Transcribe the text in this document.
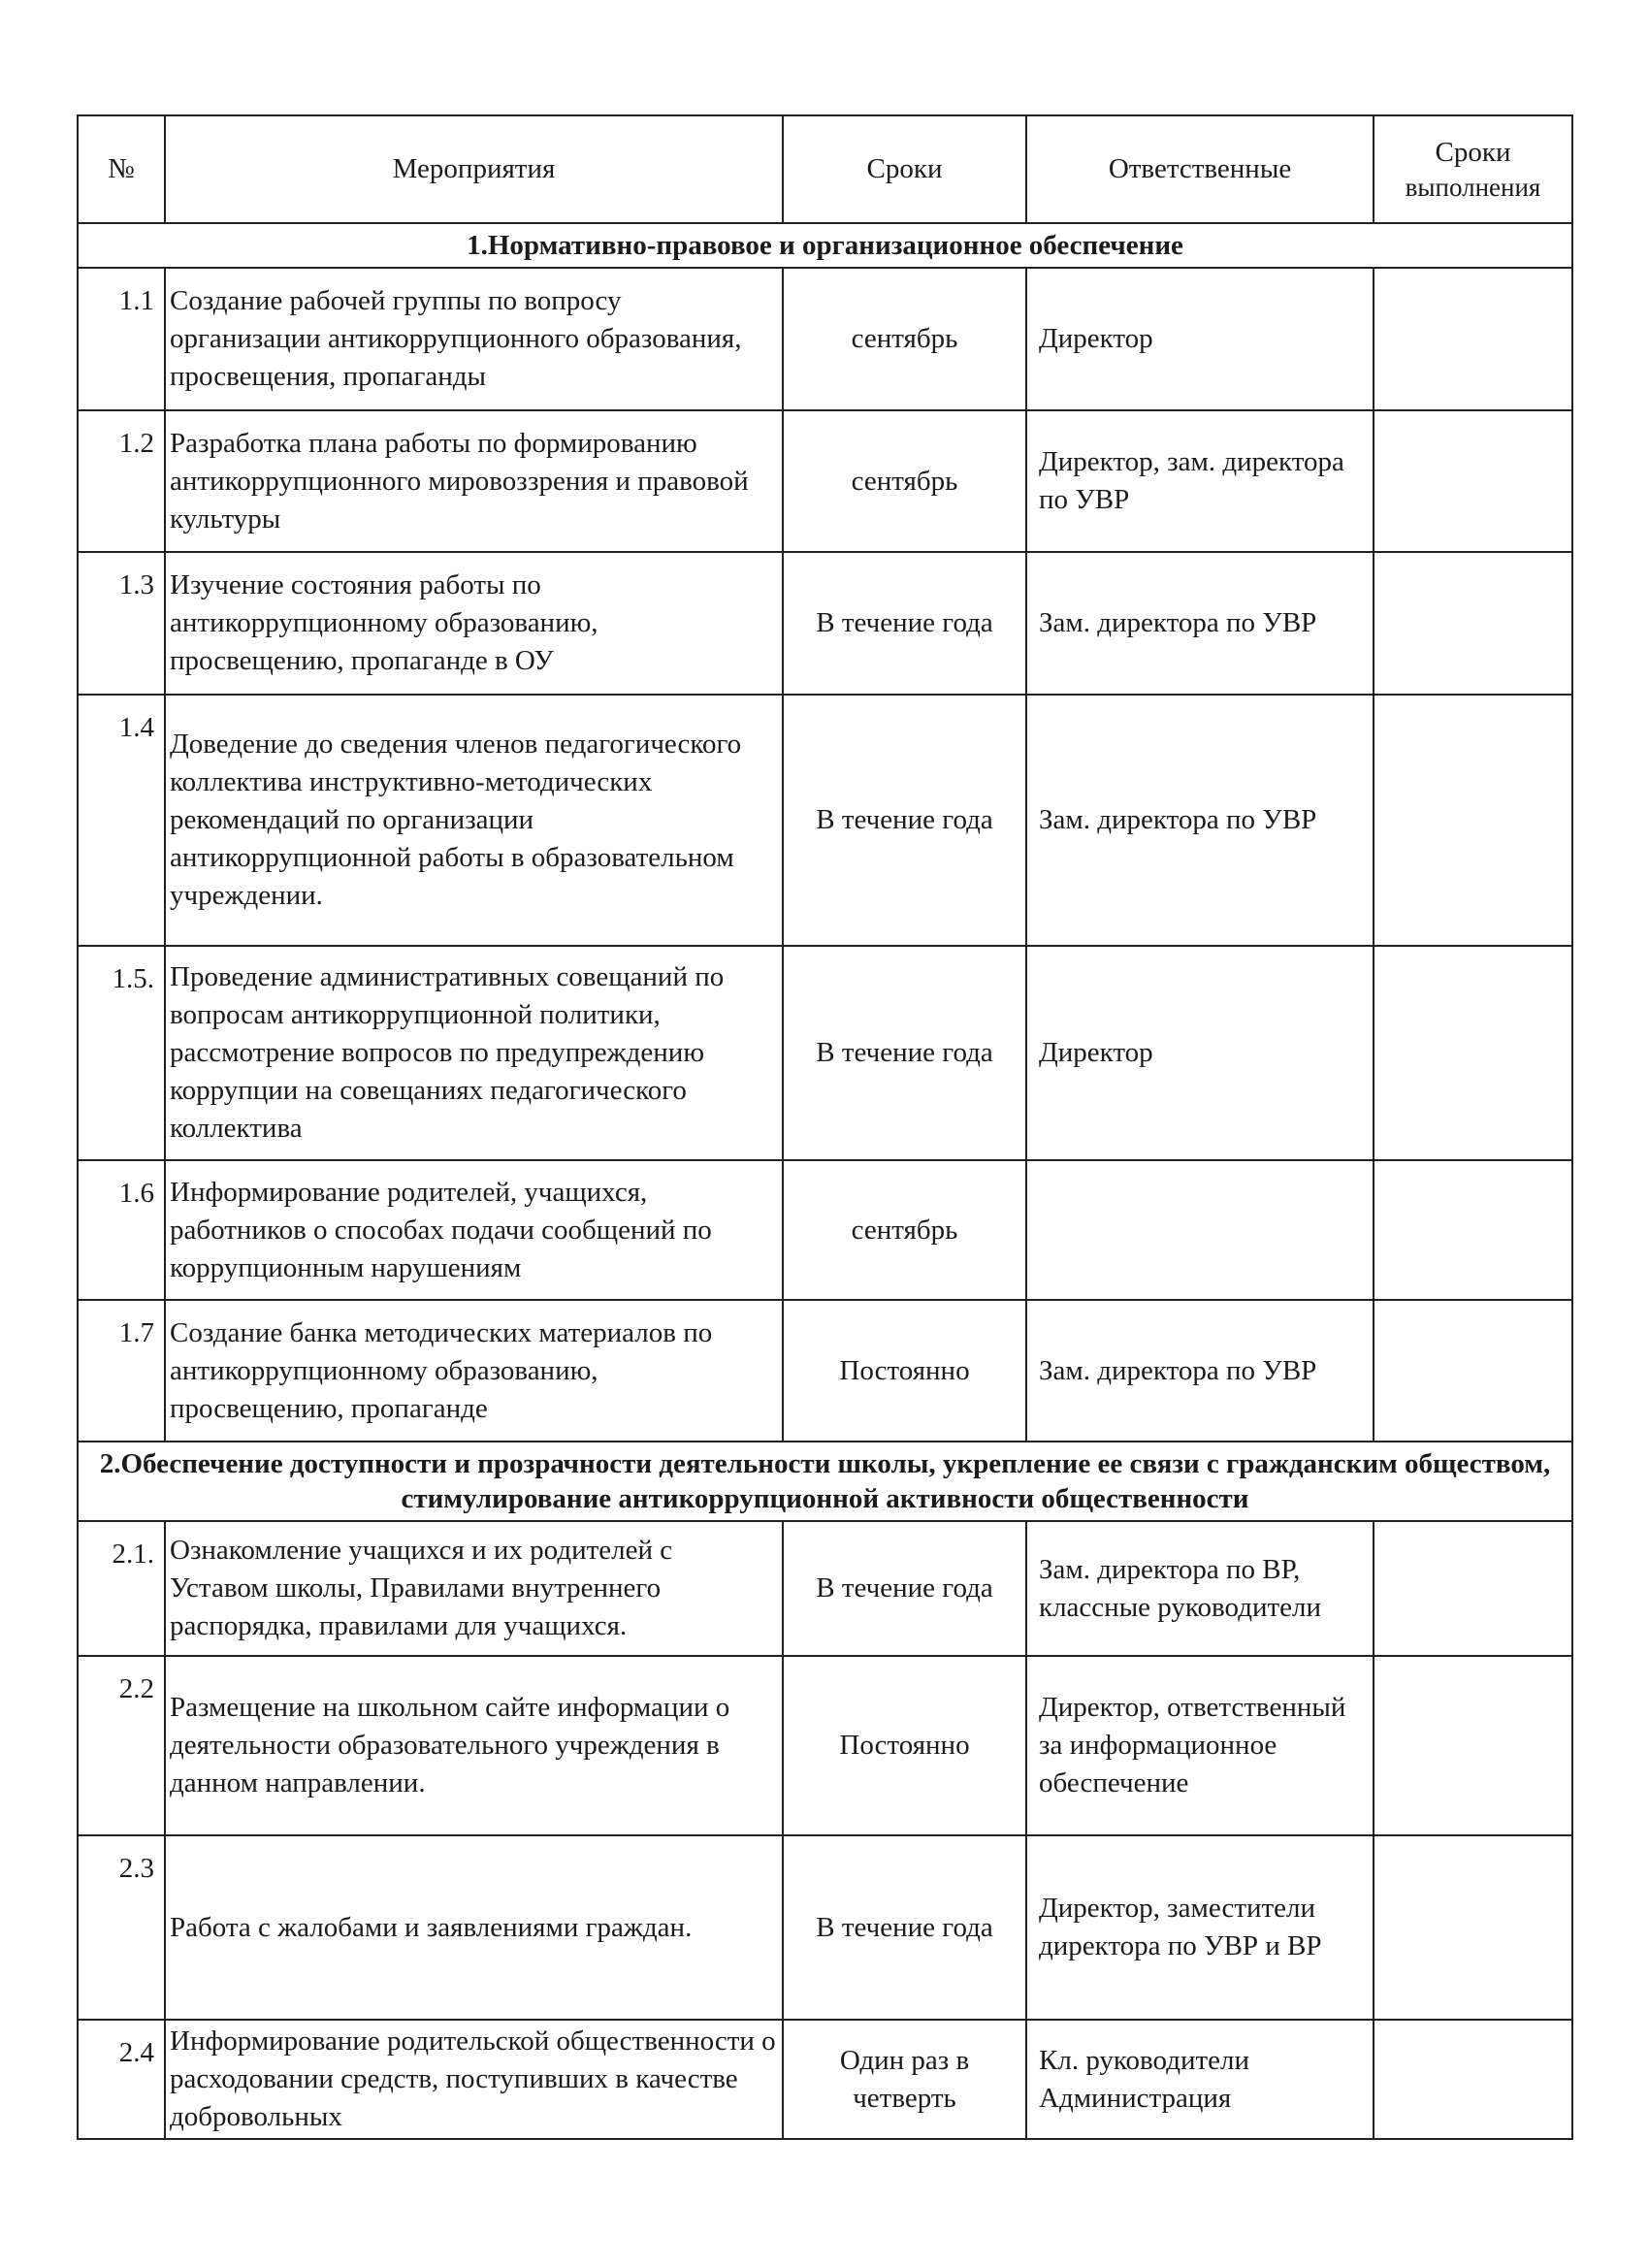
№	Мероприятия	Сроки	Ответственные	Сроки
выполнения

1.Нормативно-правовое и организационное обеспечение				
1.1	Создание рабочей группы по вопросу организации антикоррупционного образования, просвещения, пропаганды	сентябрь	Директор	
1.2	Разработка плана работы по формированию антикоррупционного мировоззрения и правовой культуры	сентябрь	Директор, зам. директора по УВР	
1.3	Изучение состояния работы по антикоррупционному образованию, просвещению, пропаганде в ОУ	В течение года	Зам. директора по УВР	
1.4	Доведение до сведения членов педагогического коллектива инструктивно-методических рекомендаций по организации антикоррупционной работы в образовательном учреждении.	В течение года	Зам. директора по УВР	
1.5.	Проведение административных совещаний по вопросам антикоррупционной политики, рассмотрение вопросов по предупреждению коррупции на совещаниях педагогического коллектива	В течение года	Директор	
1.6	Информирование родителей, учащихся, работников о способах подачи сообщений по коррупционным нарушениям	сентябрь		
1.7	Создание банка методических материалов по антикоррупционному образованию, просвещению, пропаганде	Постоянно	Зам. директора по УВР	
2.Обеспечение доступности и прозрачности деятельности школы, укрепление ее связи с гражданским обществом, стимулирование антикоррупционной активности общественности				
2.1.	Ознакомление учащихся и их родителей с Уставом школы, Правилами внутреннего распорядка, правилами для учащихся.	В течение года	Зам. директора по ВР, классные руководители	
2.2	Размещение на школьном сайте информации о деятельности образовательного учреждения в данном направлении.	Постоянно	Директор, ответственный за информационное обеспечение	
2.3	Работа с жалобами и заявлениями граждан.	В течение года	Директор, заместители директора по УВР и ВР	
2.4	Информирование родительской общественности о расходовании средств, поступивших в качестве добровольных	Один раз в четверть	Кл. руководители Администрация	
